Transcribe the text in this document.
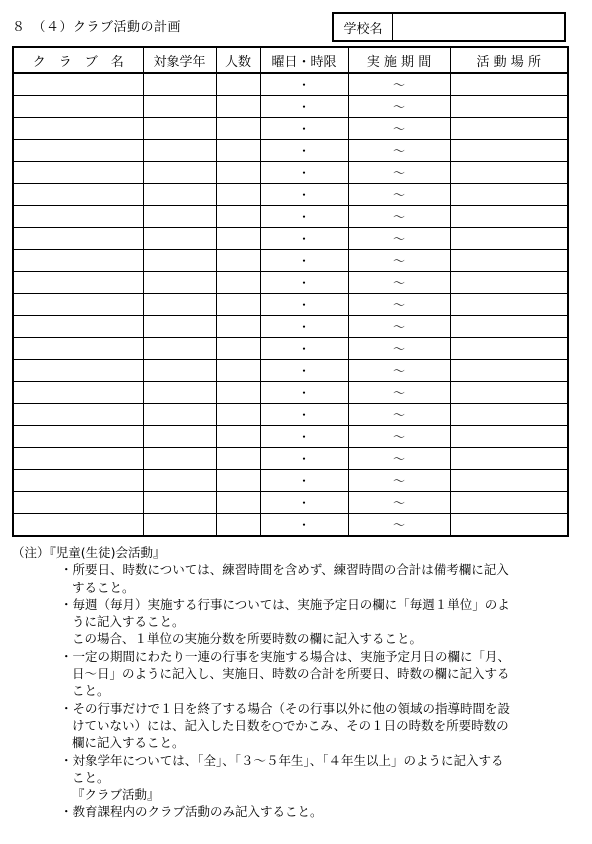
８　（４）クラブ活動の計画	学校名
ク　ラ　ブ　名	対象学年	人数	曜日・時限	実 施 期 間	活 動 場 所
			・	～	
			・	～	
			・	～	
			・	～	
			・	～	
			・	～	
			・	～	
			・	～	
			・	～	
			・	～	
			・	～	
			・	～	
			・	～	
			・	～	
			・	～	
			・	～	
			・	～	
			・	～	
			・	～	
			・	～	
			・	～	
（注）『児童(生徒)会活動』
・所要日、時数については、練習時間を含めず、練習時間の合計は備考欄に記入
すること。
・毎週（毎月）実施する行事については、実施予定日の欄に「毎週１単位」のよ
うに記入すること。
この場合、１単位の実施分数を所要時数の欄に記入すること。
・一定の期間にわたり一連の行事を実施する場合は、実施予定月日の欄に「月、
日～日」のように記入し、実施日、時数の合計を所要日、時数の欄に記入する
こと。
・その行事だけで１日を終了する場合（その行事以外に他の領域の指導時間を設
けていない）には、記入した日数を○でかこみ、その１日の時数を所要時数の
欄に記入すること。
・対象学年については、「全」、「３～５年生」、「４年生以上」のように記入する
こと。
『クラブ活動』
・教育課程内のクラブ活動のみ記入すること。
